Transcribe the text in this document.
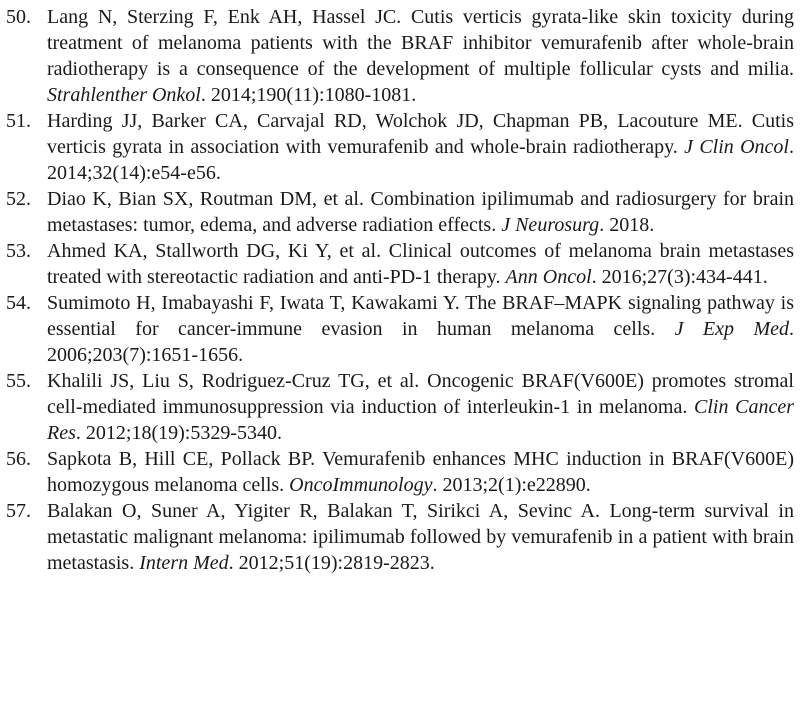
50. Lang N, Sterzing F, Enk AH, Hassel JC. Cutis verticis gyrata-like skin toxicity during treatment of melanoma patients with the BRAF inhibitor vemurafenib after whole-brain radiotherapy is a consequence of the development of multiple follicular cysts and milia. Strahlenther Onkol. 2014;190(11):1080-1081.
51. Harding JJ, Barker CA, Carvajal RD, Wolchok JD, Chapman PB, Lacouture ME. Cutis verticis gyrata in association with vemurafenib and whole-brain radiotherapy. J Clin Oncol. 2014;32(14):e54-e56.
52. Diao K, Bian SX, Routman DM, et al. Combination ipilimumab and radiosurgery for brain metastases: tumor, edema, and adverse radiation effects. J Neurosurg. 2018.
53. Ahmed KA, Stallworth DG, Ki Y, et al. Clinical outcomes of melanoma brain metastases treated with stereotactic radiation and anti-PD-1 therapy. Ann Oncol. 2016;27(3):434-441.
54. Sumimoto H, Imabayashi F, Iwata T, Kawakami Y. The BRAF–MAPK signaling pathway is essential for cancer-immune evasion in human melanoma cells. J Exp Med. 2006;203(7):1651-1656.
55. Khalili JS, Liu S, Rodriguez-Cruz TG, et al. Oncogenic BRAF(V600E) promotes stromal cell-mediated immunosuppression via induction of interleukin-1 in melanoma. Clin Cancer Res. 2012;18(19):5329-5340.
56. Sapkota B, Hill CE, Pollack BP. Vemurafenib enhances MHC induction in BRAF(V600E) homozygous melanoma cells. OncoImmunology. 2013;2(1):e22890.
57. Balakan O, Suner A, Yigiter R, Balakan T, Sirikci A, Sevinc A. Long-term survival in metastatic malignant melanoma: ipilimumab followed by vemurafenib in a patient with brain metastasis. Intern Med. 2012;51(19):2819-2823.
